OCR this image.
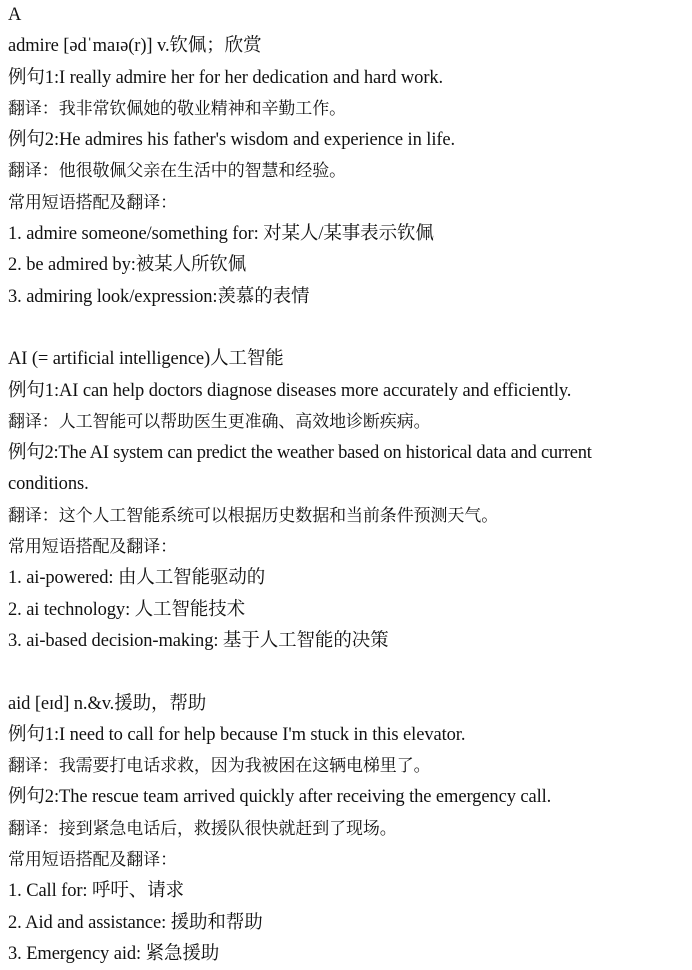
A
admire [ədˈmaɪə(r)] v.钦佩；欣赏
例句1:I really admire her for her dedication and hard work.
翻译：我非常钦佩她的敬业精神和辛勤工作。
例句2:He admires his father's wisdom and experience in life.
翻译：他很敬佩父亲在生活中的智慧和经验。
常用短语搭配及翻译：
1. admire someone/something for: 对某人/某事表示钦佩
2. be admired by:被某人所钦佩
3. admiring look/expression:羡慕的表情
AI (= artificial intelligence)人工智能
例句1:AI can help doctors diagnose diseases more accurately and efficiently.
翻译：人工智能可以帮助医生更准确、高效地诊断疾病。
例句2:The AI system can predict the weather based on historical data and current
conditions.
翻译：这个人工智能系统可以根据历史数据和当前条件预测天气。
常用短语搭配及翻译：
1. ai-powered: 由人工智能驱动的
2. ai technology: 人工智能技术
3. ai-based decision-making: 基于人工智能的决策
aid [eɪd] n.&v.援助，帮助
例句1:I need to call for help because I'm stuck in this elevator.
翻译：我需要打电话求救，因为我被困在这辆电梯里了。
例句2:The rescue team arrived quickly after receiving the emergency call.
翻译：接到紧急电话后，救援队很快就赶到了现场。
常用短语搭配及翻译：
1. Call for: 呼吁、请求
2. Aid and assistance: 援助和帮助
3. Emergency aid: 紧急援助
